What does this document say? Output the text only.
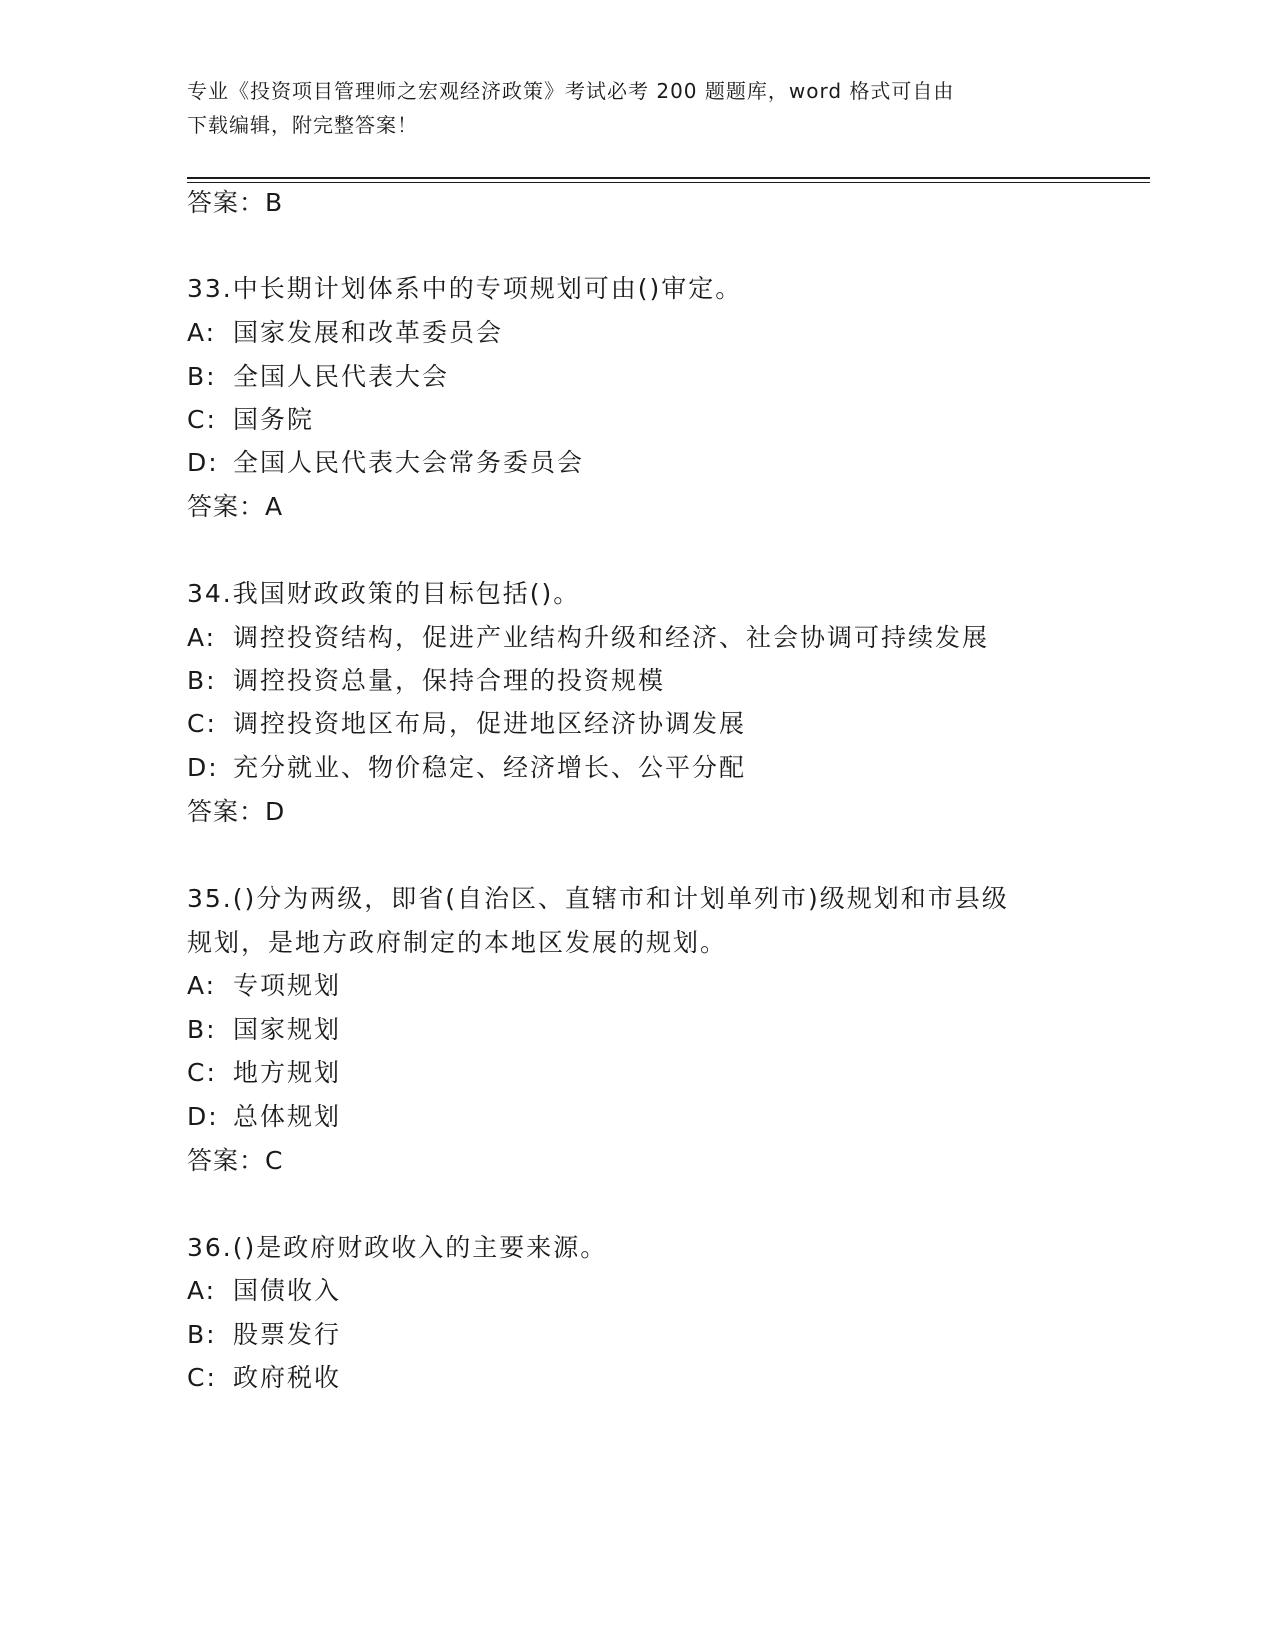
专业《投资项目管理师之宏观经济政策》考试必考 200 题题库，word 格式可自由
下载编辑，附完整答案！
答案：B
33.中长期计划体系中的专项规划可由()审定。
A: 国家发展和改革委员会
B: 全国人民代表大会
C: 国务院
D: 全国人民代表大会常务委员会
答案：A
34.我国财政政策的目标包括()。
A: 调控投资结构，促进产业结构升级和经济、社会协调可持续发展
B: 调控投资总量，保持合理的投资规模
C: 调控投资地区布局，促进地区经济协调发展
D: 充分就业、物价稳定、经济增长、公平分配
答案：D
35.()分为两级，即省(自治区、直辖市和计划单列市)级规划和市县级
规划，是地方政府制定的本地区发展的规划。
A: 专项规划
B: 国家规划
C: 地方规划
D: 总体规划
答案：C
36.()是政府财政收入的主要来源。
A: 国债收入
B: 股票发行
C: 政府税收
